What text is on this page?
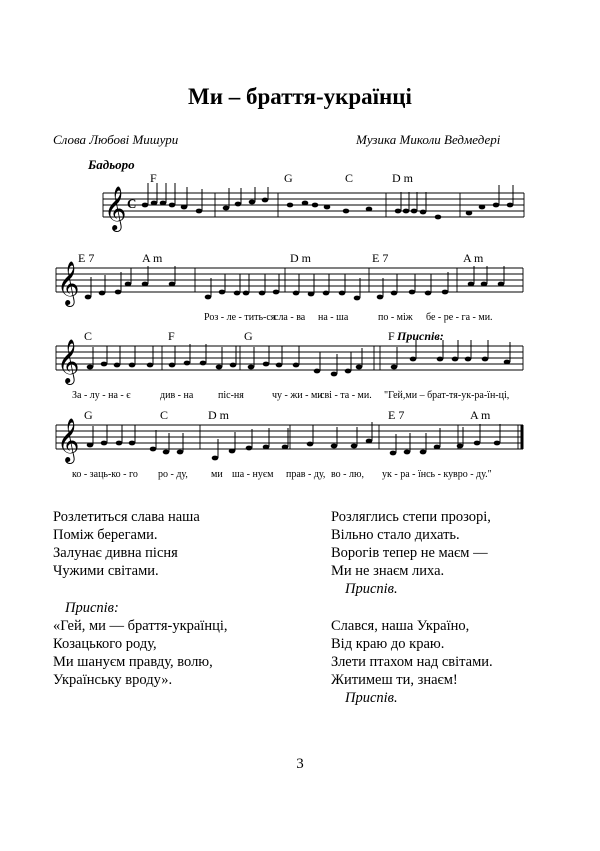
Ми – браття-українці
Слова Любові Мишури	Музика Миколи Ведмедері
Бадьоро
𝄞 C
𝄞
𝄞
𝄞
F	G	C	D m
E 7	A m	D m	E 7	A m
C	F	G	F Приспів:
G	C	D m	E 7	A m
Роз - ле - тить-ся
сла - ва на - ша	по - між бе - ре - га - ми.
За - лу - на - є	див - на піс-ня	чу - жи - ми
сві - та - ми. "Гей,ми – брат-тя-ук-ра-їн-ці,
ко - заць-ко - го ро - ду, ми ша - нуєм прав - ду, во - лю, ук - ра - їнсь - ку вро - ду."
Розлетиться слава наша
Поміж берегами.
Залунає дивна пісня
Чужими світами.
Приспів:
«Гей, ми — браття-українці,
Козацького роду,
Ми шануєм правду, волю,
Українську вроду».
Розляглись степи прозорі,
Вільно стало дихать.
Ворогів тепер не маєм —
Ми не знаєм лиха.
Приспів.
Слався, наша Україно,
Від краю до краю.
Злети птахом над світами.
Житимеш ти, знаєм!
Приспів.
3
